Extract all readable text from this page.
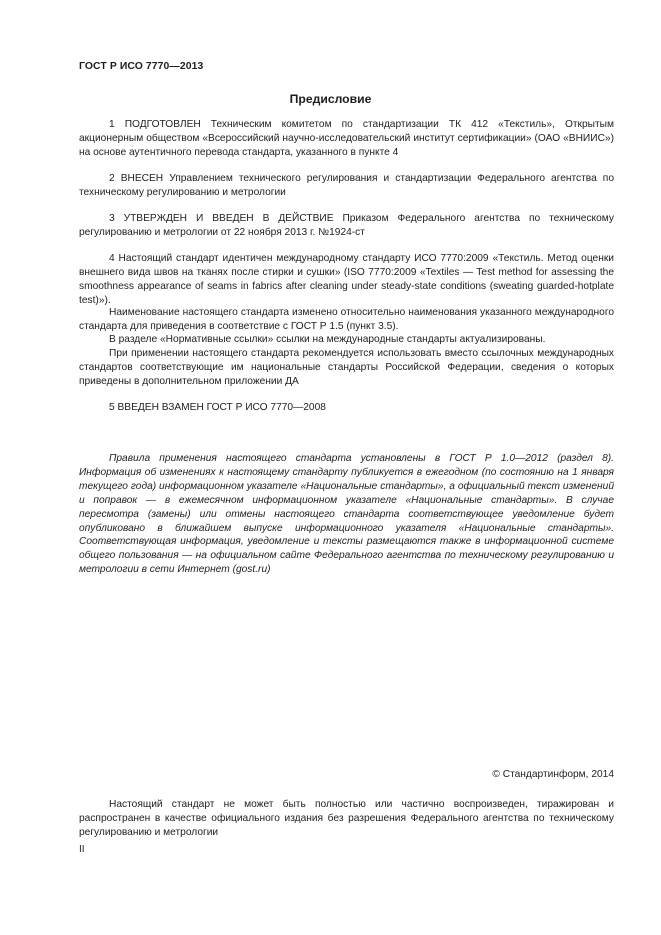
ГОСТ Р ИСО 7770—2013
Предисловие

1 ПОДГОТОВЛЕН Техническим комитетом по стандартизации ТК 412 «Текстиль», Открытым акционерным обществом «Всероссийский научно-исследовательский институт сертификации» (ОАО «ВНИИС») на основе аутентичного перевода стандарта, указанного в пункте 4

2 ВНЕСЕН Управлением технического регулирования и стандартизации Федерального агентства по техническому регулированию и метрологии

3 УТВЕРЖДЕН И ВВЕДЕН В ДЕЙСТВИЕ Приказом Федерального агентства по техническому регулированию и метрологии от 22 ноября 2013 г. №1924-ст

4 Настоящий стандарт идентичен международному стандарту ИСО 7770:2009 «Текстиль. Метод оценки внешнего вида швов на тканях после стирки и сушки» (ISO 7770:2009 «Textiles — Test method for assessing the smoothness appearance of seams in fabrics after cleaning under steady-state conditions (sweating guarded-hotplate test)»).

Наименование настоящего стандарта изменено относительно наименования указанного международного стандарта для приведения в соответствие с ГОСТ Р 1.5 (пункт 3.5).

В разделе «Нормативные ссылки» ссылки на международные стандарты актуализированы.

При применении настоящего стандарта рекомендуется использовать вместо ссылочных международных стандартов соответствующие им национальные стандарты Российской Федерации, сведения о которых приведены в дополнительном приложении ДА

5 ВВЕДЕН ВЗАМЕН ГОСТ Р ИСО 7770—2008

Правила применения настоящего стандарта установлены в ГОСТ Р 1.0—2012 (раздел 8). Информация об изменениях к настоящему стандарту публикуется в ежегодном (по состоянию на 1 января текущего года) информационном указателе «Национальные стандарты», а официальный текст изменений и поправок — в ежемесячном информационном указателе «Национальные стандарты». В случае пересмотра (замены) или отмены настоящего стандарта соответствующее уведомление будет опубликовано в ближайшем выпуске информационного указателя «Национальные стандарты». Соответствующая информация, уведомление и тексты размещаются также в информационной системе общего пользования — на официальном сайте Федерального агентства по техническому регулированию и метрологии в сети Интернет (gost.ru)

© Стандартинформ, 2014

Настоящий стандарт не может быть полностью или частично воспроизведен, тиражирован и распространен в качестве официального издания без разрешения Федерального агентства по техническому регулированию и метрологии

II
